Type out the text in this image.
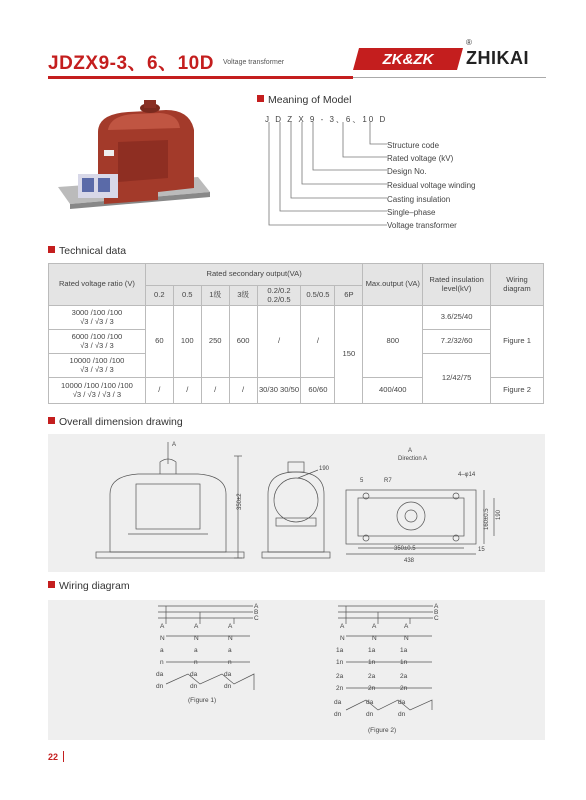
JDZX9-3、6、10D Voltage transformer	ZK&ZK
®
ZHIKAI
Meaning of Model
J D Z X 9 - 3、6、10 D
Structure code
Rated voltage (kV)
Design No.
Residual voltage winding
Casting insulation
Single–phase
Voltage transformer
Technical data
Rated voltage ratio (V)	Rated secondary output(VA)							Max.output (VA)	Rated insulation level(kV)	Wiring diagram
	0.2	0.5	1级	3级	0.2/0.2 0.2/0.5	0.5/0.5	6P			

3000 /100 /100
√3 / √3 / 3	60	100	250	600	/	/	150	800	3.6/25/40	Figure 1

6000 /100 /100
√3 / √3 / 3									7.2/32/60	

10000 /100 /100
√3 / √3 / 3									12/42/75	

10000 /100 /100 /100
√3 / √3 / √3 / 3	/	/	/	/	30/30 30/50	60/60		400/400		Figure 2
Overall dimension drawing
A
350±2
190
A
Direction A
R7
5
4–φ14
350±0.5
438
160±0.5 190
15
Wiring diagram
A
B
C
A
B
C
A	A	A
N	N	N
a	a	a
n	n	n
da	da	da
dn	dn	dn
(Figure 1)
A	A	A
N	N	N
1a	1a	1a
1n	1n	1n
2a	2a	2a
2n	2n	2n
da	da	da
dn	dn	dn
(Figure 2)
22
